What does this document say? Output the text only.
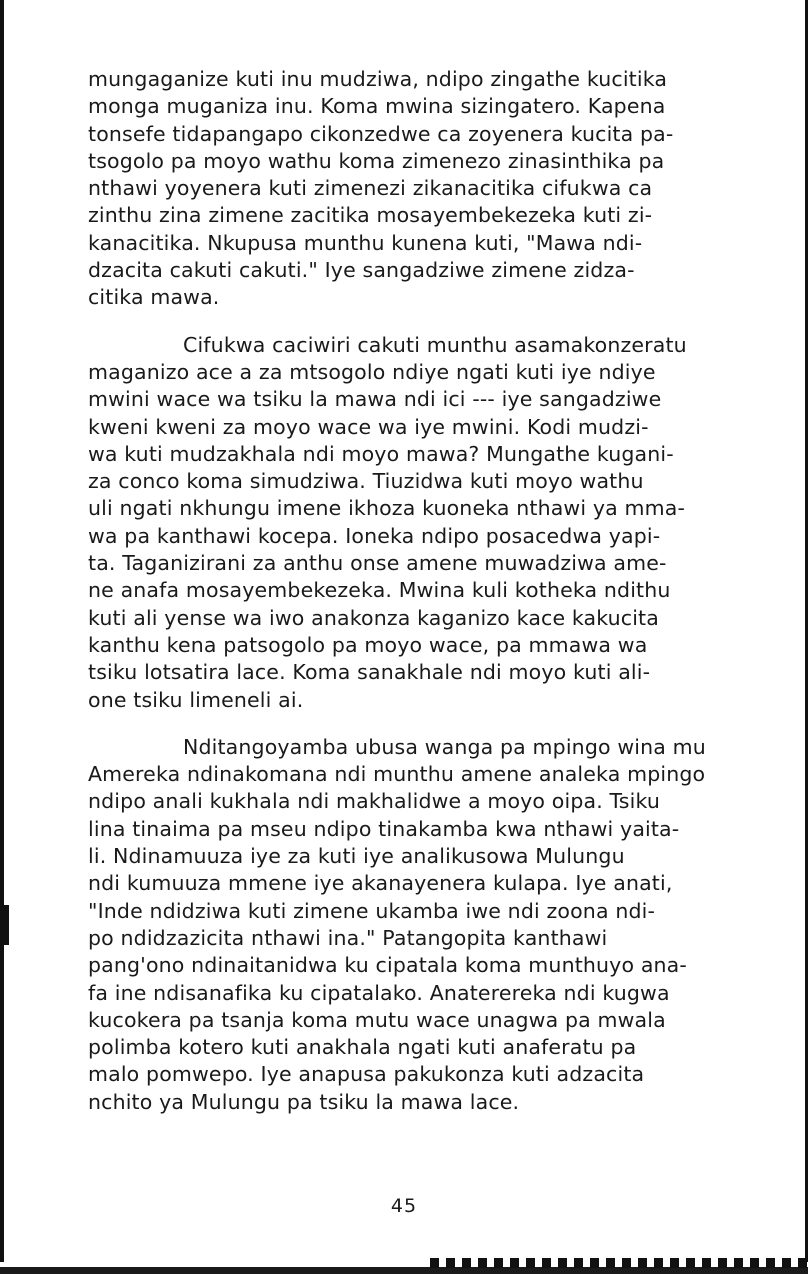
mungaganize kuti inu mudziwa, ndipo zingathe kucitika
monga muganiza inu. Koma mwina sizingatero. Kapena
tonsefe tidapangapo cikonzedwe ca zoyenera kucita pa-
tsogolo pa moyo wathu koma zimenezo zinasinthika pa
nthawi yoyenera kuti zimenezi zikanacitika cifukwa ca
zinthu zina zimene zacitika mosayembekezeka kuti zi-
kanacitika. Nkupusa munthu kunena kuti, "Mawa ndi-
dzacita cakuti cakuti." Iye sangadziwe zimene zidza-
citika mawa.

Cifukwa caciwiri cakuti munthu asamakonzeratu
maganizo ace a za mtsogolo ndiye ngati kuti iye ndiye
mwini wace wa tsiku la mawa ndi ici --- iye sangadziwe
kweni kweni za moyo wace wa iye mwini. Kodi mudzi-
wa kuti mudzakhala ndi moyo mawa? Mungathe kugani-
za conco koma simudziwa. Tiuzidwa kuti moyo wathu
uli ngati nkhungu imene ikhoza kuoneka nthawi ya mma-
wa pa kanthawi kocepa. Ioneka ndipo posacedwa yapi-
ta. Taganizirani za anthu onse amene muwadziwa ame-
ne anafa mosayembekezeka. Mwina kuli kotheka ndithu
kuti ali yense wa iwo anakonza kaganizo kace kakucita
kanthu kena patsogolo pa moyo wace, pa mmawa wa
tsiku lotsatira lace. Koma sanakhale ndi moyo kuti ali-
one tsiku limeneli ai.

Nditangoyamba ubusa wanga pa mpingo wina mu
Amereka ndinakomana ndi munthu amene analeka mpingo
ndipo anali kukhala ndi makhalidwe a moyo oipa. Tsiku
lina tinaima pa mseu ndipo tinakamba kwa nthawi yaita-
li. Ndinamuuza iye za kuti iye analikusowa Mulungu
ndi kumuuza mmene iye akanayenera kulapa. Iye anati,
"Inde ndidziwa kuti zimene ukamba iwe ndi zoona ndi-
po ndidzazicita nthawi ina." Patangopita kanthawi
pang'ono ndinaitanidwa ku cipatala koma munthuyo ana-
fa ine ndisanafika ku cipatalako. Anaterereka ndi kugwa
kucokera pa tsanja koma mutu wace unagwa pa mwala
polimba kotero kuti anakhala ngati kuti anaferatu pa
malo pomwepo. Iye anapusa pakukonza kuti adzacita
nchito ya Mulungu pa tsiku la mawa lace.

45
